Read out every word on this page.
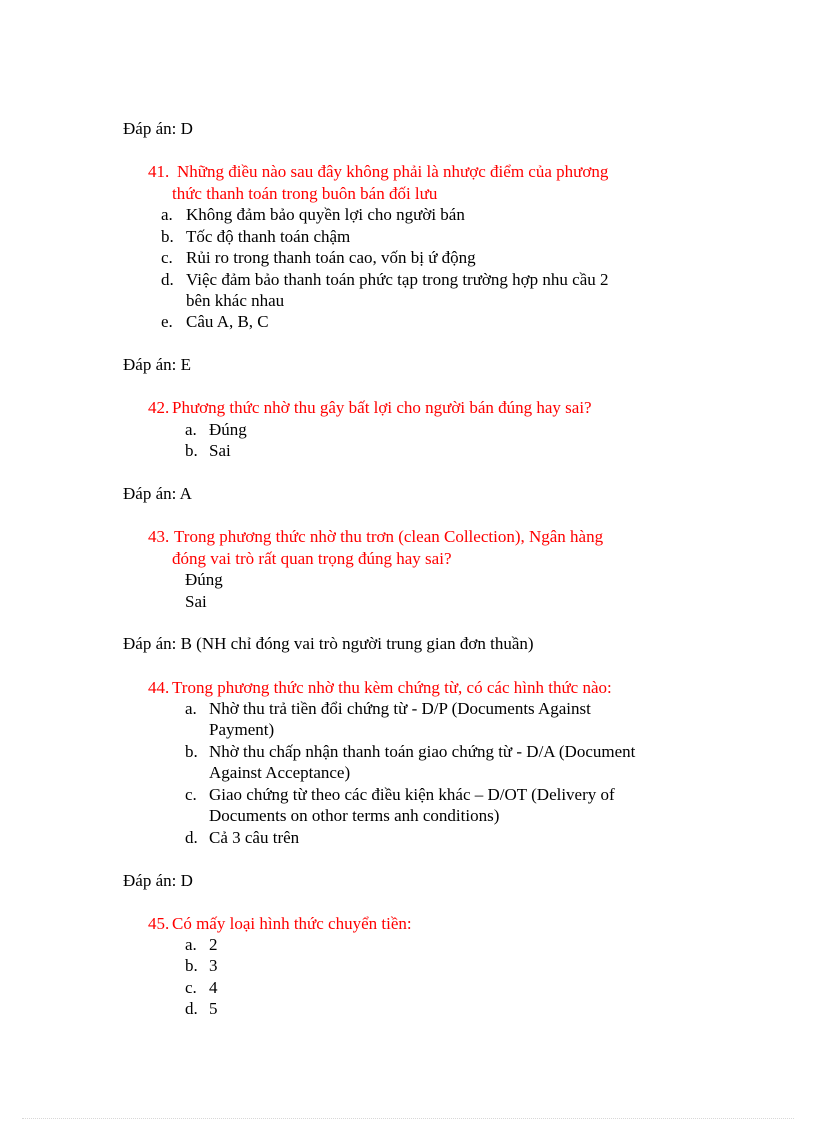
Đáp án: D
41. Những điều nào sau đây không phải là nhược điểm của phương
thức thanh toán trong buôn bán đối lưu
a. Không đảm bảo quyền lợi cho người bán
b. Tốc độ thanh toán chậm
c. Rủi ro trong thanh toán cao, vốn bị ứ động
d. Việc đảm bảo thanh toán phức tạp trong trường hợp nhu cầu 2
bên khác nhau
e. Câu A, B, C
Đáp án: E
42. Phương thức nhờ thu gây bất lợi cho người bán đúng hay sai?
a. Đúng
b. Sai
Đáp án: A
43. Trong phương thức nhờ thu trơn (clean Collection), Ngân hàng
đóng vai trò rất quan trọng đúng hay sai?
Đúng
Sai
Đáp án: B (NH chỉ đóng vai trò người trung gian đơn thuần)
44. Trong phương thức nhờ thu kèm chứng từ, có các hình thức nào:
a. Nhờ thu trả tiền đổi chứng từ - D/P (Documents Against
Payment)
b. Nhờ thu chấp nhận thanh toán giao chứng từ - D/A (Document
Against Acceptance)
c. Giao chứng từ theo các điều kiện khác – D/OT (Delivery of
Documents on othor terms anh conditions)
d. Cả 3 câu trên
Đáp án: D
45. Có mấy loại hình thức chuyển tiền:
a. 2
b. 3
c. 4
d. 5
